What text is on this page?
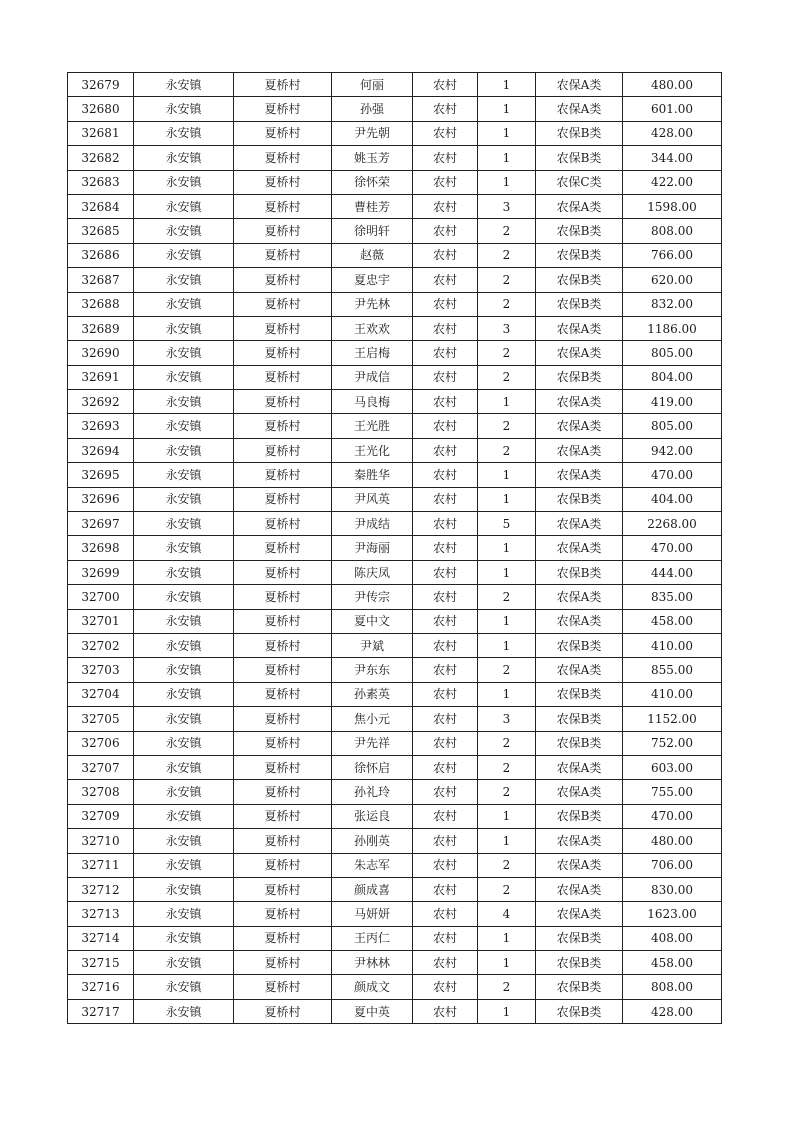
32679	永安镇	夏桥村	何丽	农村	1	农保A类	480.00
32680	永安镇	夏桥村	孙强	农村	1	农保A类	601.00
32681	永安镇	夏桥村	尹先朝	农村	1	农保B类	428.00
32682	永安镇	夏桥村	姚玉芳	农村	1	农保B类	344.00
32683	永安镇	夏桥村	徐怀荣	农村	1	农保C类	422.00
32684	永安镇	夏桥村	曹桂芳	农村	3	农保A类	1598.00
32685	永安镇	夏桥村	徐明轩	农村	2	农保B类	808.00
32686	永安镇	夏桥村	赵薇	农村	2	农保B类	766.00
32687	永安镇	夏桥村	夏忠宇	农村	2	农保B类	620.00
32688	永安镇	夏桥村	尹先林	农村	2	农保B类	832.00
32689	永安镇	夏桥村	王欢欢	农村	3	农保A类	1186.00
32690	永安镇	夏桥村	王启梅	农村	2	农保A类	805.00
32691	永安镇	夏桥村	尹成信	农村	2	农保B类	804.00
32692	永安镇	夏桥村	马良梅	农村	1	农保A类	419.00
32693	永安镇	夏桥村	王光胜	农村	2	农保A类	805.00
32694	永安镇	夏桥村	王光化	农村	2	农保A类	942.00
32695	永安镇	夏桥村	秦胜华	农村	1	农保A类	470.00
32696	永安镇	夏桥村	尹风英	农村	1	农保B类	404.00
32697	永安镇	夏桥村	尹成结	农村	5	农保A类	2268.00
32698	永安镇	夏桥村	尹海丽	农村	1	农保A类	470.00
32699	永安镇	夏桥村	陈庆凤	农村	1	农保B类	444.00
32700	永安镇	夏桥村	尹传宗	农村	2	农保A类	835.00
32701	永安镇	夏桥村	夏中文	农村	1	农保A类	458.00
32702	永安镇	夏桥村	尹斌	农村	1	农保B类	410.00
32703	永安镇	夏桥村	尹东东	农村	2	农保A类	855.00
32704	永安镇	夏桥村	孙素英	农村	1	农保B类	410.00
32705	永安镇	夏桥村	焦小元	农村	3	农保B类	1152.00
32706	永安镇	夏桥村	尹先祥	农村	2	农保B类	752.00
32707	永安镇	夏桥村	徐怀启	农村	2	农保A类	603.00
32708	永安镇	夏桥村	孙礼玲	农村	2	农保A类	755.00
32709	永安镇	夏桥村	张运良	农村	1	农保B类	470.00
32710	永安镇	夏桥村	孙刚英	农村	1	农保A类	480.00
32711	永安镇	夏桥村	朱志军	农村	2	农保A类	706.00
32712	永安镇	夏桥村	颜成喜	农村	2	农保A类	830.00
32713	永安镇	夏桥村	马妍妍	农村	4	农保A类	1623.00
32714	永安镇	夏桥村	王丙仁	农村	1	农保B类	408.00
32715	永安镇	夏桥村	尹林林	农村	1	农保B类	458.00
32716	永安镇	夏桥村	颜成文	农村	2	农保B类	808.00
32717	永安镇	夏桥村	夏中英	农村	1	农保B类	428.00
